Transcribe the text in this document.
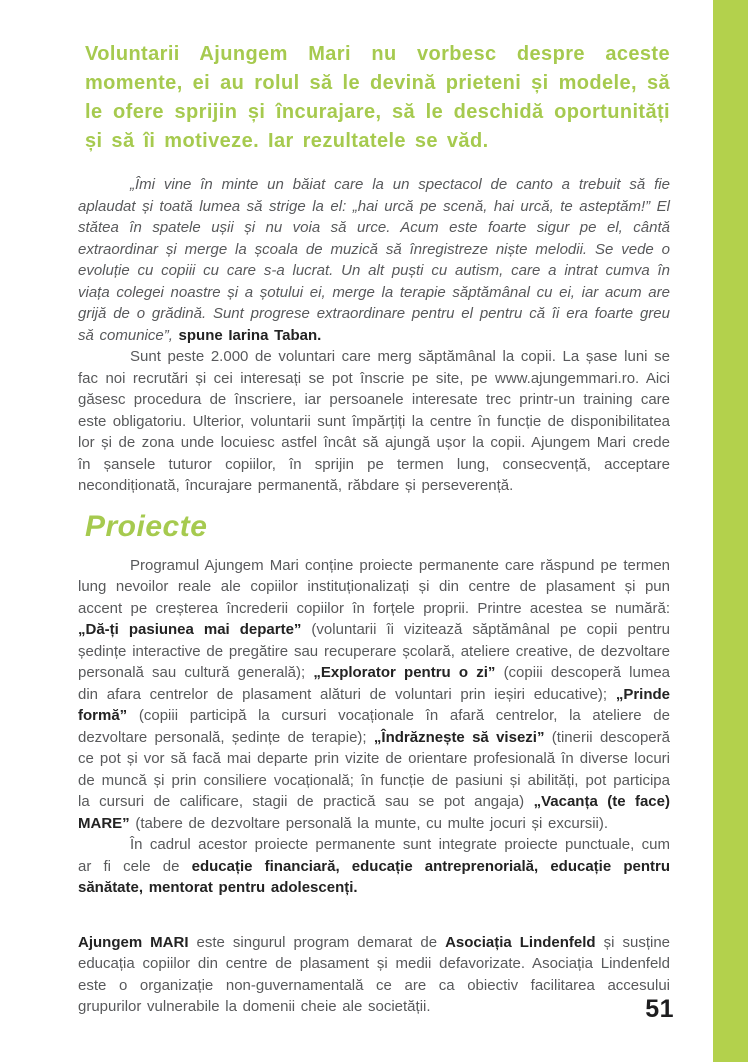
Voluntarii Ajungem Mari nu vorbesc despre aceste momente, ei au rolul să le devină prieteni și modele, să le ofere sprijin și încurajare, să le deschidă oportunități și să îi motiveze. Iar rezultatele se văd.

„Îmi vine în minte un băiat care la un spectacol de canto a trebuit să fie aplaudat și toată lumea să strige la el: „hai urcă pe scenă, hai urcă, te asteptăm!” El stătea în spatele ușii și nu voia să urce. Acum este foarte sigur pe el, cântă extraordinar și merge la școala de muzică să înregistreze niște melodii. Se vede o evoluție cu copiii cu care s-a lucrat. Un alt puști cu autism, care a intrat cumva în viața colegei noastre și a șotului ei, merge la terapie săptămânal cu ei, iar acum are grijă de o grădină. Sunt progrese extraordinare pentru el pentru că îi era foarte greu să comunice”, spune Iarina Taban.

Sunt peste 2.000 de voluntari care merg săptămânal la copii. La șase luni se fac noi recrutări și cei interesați se pot înscrie pe site, pe www.ajungemmari.ro. Aici găsesc procedura de înscriere, iar persoanele interesate trec printr-un training care este obligatoriu. Ulterior, voluntarii sunt împărțiți la centre în funcție de disponibilitatea lor și de zona unde locuiesc astfel încât să ajungă ușor la copii. Ajungem Mari crede în șansele tuturor copiilor, în sprijin pe termen lung, consecvență, acceptare necondiționată, încurajare permanentă, răbdare și perseverență.

Proiecte

Programul Ajungem Mari conține proiecte permanente care răspund pe termen lung nevoilor reale ale copiilor instituționalizați și din centre de plasament și pun accent pe creșterea încrederii copiilor în forțele proprii. Printre acestea se numără: „Dă-ți pasiunea mai departe” (voluntarii îi vizitează săptămânal pe copii pentru ședințe interactive de pregătire sau recuperare școlară, ateliere creative, de dezvoltare personală sau cultură generală); „Explorator pentru o zi” (copiii descoperă lumea din afara centrelor de plasament alături de voluntari prin ieșiri educative); „Prinde formă” (copiii participă la cursuri vocaționale în afară centrelor, la ateliere de dezvoltare personală, ședințe de terapie); „Îndrăznește să visezi” (tinerii descoperă ce pot și vor să facă mai departe prin vizite de orientare profesională în diverse locuri de muncă și prin consiliere vocațională; în funcție de pasiuni și abilități, pot participa la cursuri de calificare, stagii de practică sau se pot angaja) „Vacanța (te face) MARE” (tabere de dezvoltare personală la munte, cu multe jocuri și excursii).

În cadrul acestor proiecte permanente sunt integrate proiecte punctuale, cum ar fi cele de educație financiară, educație antreprenorială, educație pentru sănătate, mentorat pentru adolescenți.

Ajungem MARI este singurul program demarat de Asociația Lindenfeld și susține educația copiilor din centre de plasament și medii defavorizate. Asociația Lindenfeld este o organizație non-guvernamentală ce are ca obiectiv facilitarea accesului grupurilor vulnerabile la domenii cheie ale societății.	51
